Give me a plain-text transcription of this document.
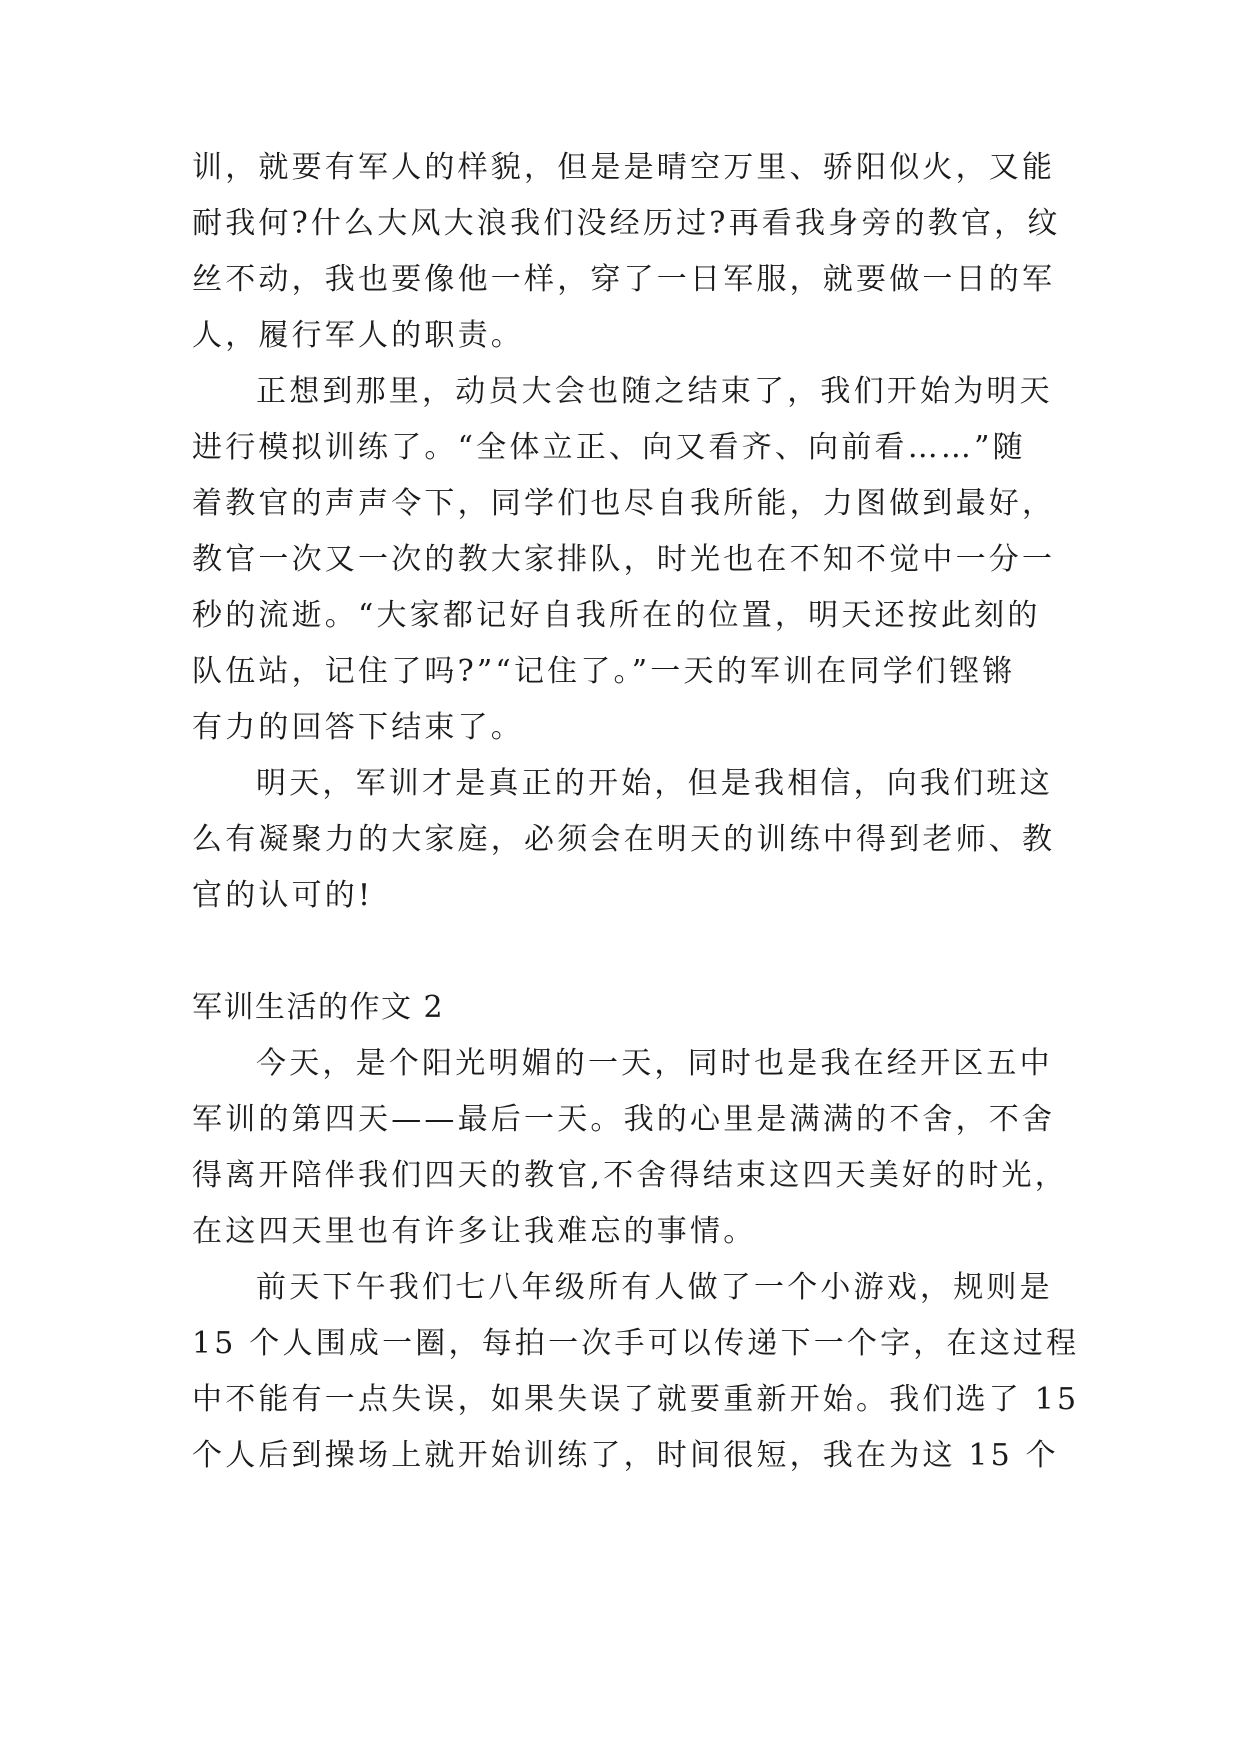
训，就要有军人的样貌，但是是晴空万里、骄阳似火，又能

耐我何?什么大风大浪我们没经历过?再看我身旁的教官，纹

丝不动，我也要像他一样，穿了一日军服，就要做一日的军

人，履行军人的职责。

正想到那里，动员大会也随之结束了，我们开始为明天

进行模拟训练了。“全体立正、向又看齐、向前看……”随

着教官的声声令下，同学们也尽自我所能，力图做到最好，

教官一次又一次的教大家排队，时光也在不知不觉中一分一

秒的流逝。“大家都记好自我所在的位置，明天还按此刻的

队伍站，记住了吗?”“记住了。”一天的军训在同学们铿锵

有力的回答下结束了。

明天，军训才是真正的开始，但是我相信，向我们班这

么有凝聚力的大家庭，必须会在明天的训练中得到老师、教

官的认可的!

军训生活的作文 2

今天，是个阳光明媚的一天，同时也是我在经开区五中

军训的第四天——最后一天。我的心里是满满的不舍，不舍

得离开陪伴我们四天的教官,不舍得结束这四天美好的时光，

在这四天里也有许多让我难忘的事情。

前天下午我们七八年级所有人做了一个小游戏，规则是

15 个人围成一圈，每拍一次手可以传递下一个字，在这过程

中不能有一点失误，如果失误了就要重新开始。我们选了 15

个人后到操场上就开始训练了，时间很短，我在为这 15 个
